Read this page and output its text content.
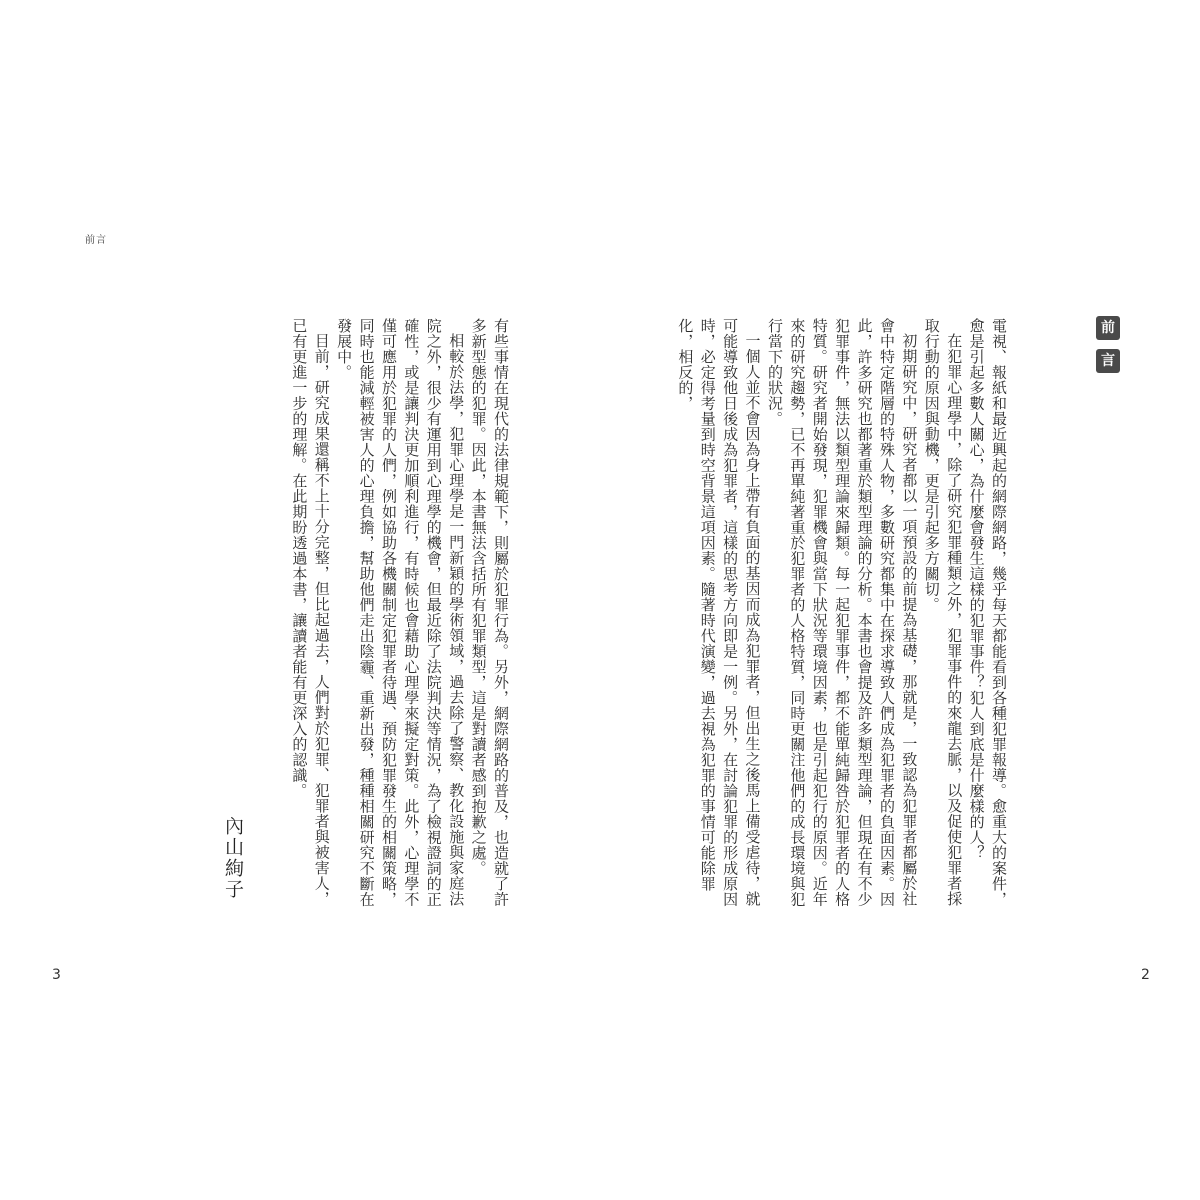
前言

有些事情在現代的法律規範下，則屬於犯罪行為。另外，網際網路的普及，也造就了許多新型態的犯罪。因此，本書無法含括所有犯罪類型，這是對讀者感到抱歉之處。

相較於法學，犯罪心理學是一門新穎的學術領域，過去除了警察、教化設施與家庭法院之外，很少有運用到心理學的機會，但最近除了法院判決等情況，為了檢視證詞的正確性，或是讓判決更加順利進行，有時候也會藉助心理學來擬定對策。此外，心理學不僅可應用於犯罪的人們，例如協助各機關制定犯罪者待遇、預防犯罪發生的相關策略，同時也能減輕被害人的心理負擔，幫助他們走出陰霾、重新出發，種種相關研究不斷在發展中。

目前，研究成果還稱不上十分完整，但比起過去，人們對於犯罪、犯罪者與被害人，已有更進一步的理解。在此期盼透過本書，讓讀者能有更深入的認識。

內山絢子
3
前
言

電視、報紙和最近興起的網際網路，幾乎每天都能看到各種犯罪報導。愈重大的案件，愈是引起多數人關心，為什麼會發生這樣的犯罪事件？犯人到底是什麼樣的人？

在犯罪心理學中，除了研究犯罪種類之外，犯罪事件的來龍去脈，以及促使犯罪者採取行動的原因與動機，更是引起多方關切。

初期研究中，研究者都以一項預設的前提為基礎，那就是，一致認為犯罪者都屬於社會中特定階層的特殊人物，多數研究都集中在探求導致人們成為犯罪者的負面因素。因此，許多研究也都著重於類型理論的分析。本書也會提及許多類型理論，但現在有不少犯罪事件，無法以類型理論來歸類。每一起犯罪事件，都不能單純歸咎於犯罪者的人格特質。研究者開始發現，犯罪機會與當下狀況等環境因素，也是引起犯行的原因。近年來的研究趨勢，已不再單純著重於犯罪者的人格特質，同時更關注他們的成長環境與犯行當下的狀況。

一個人並不會因為身上帶有負面的基因而成為犯罪者，但出生之後馬上備受虐待，就可能導致他日後成為犯罪者，這樣的思考方向即是一例。另外，在討論犯罪的形成原因時，必定得考量到時空背景這項因素。隨著時代演變，過去視為犯罪的事情可能除罪化，相反的，

2
